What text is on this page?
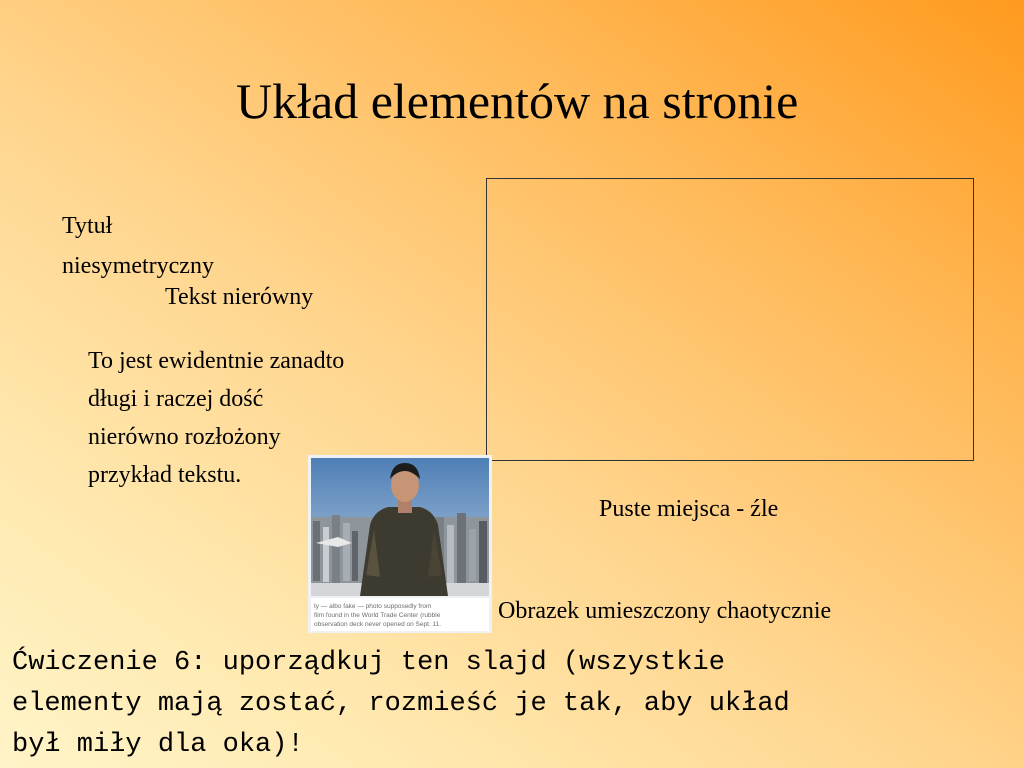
Układ elementów na stronie
Tytuł
niesymetryczny
Tekst nierówny
To jest ewidentnie zanadto
długi i raczej dość
nierówno rozłożony
przykład tekstu.
ty — albo fake — photo supposedly from
film found in the World Trade Center (rubble
observation deck never opened on Sept. 11.
Puste miejsca - źle
Obrazek umieszczony chaotycznie
Ćwiczenie 6: uporządkuj ten slajd (wszystkie
elementy mają zostać, rozmieść je tak, aby układ
był miły dla oka)!
